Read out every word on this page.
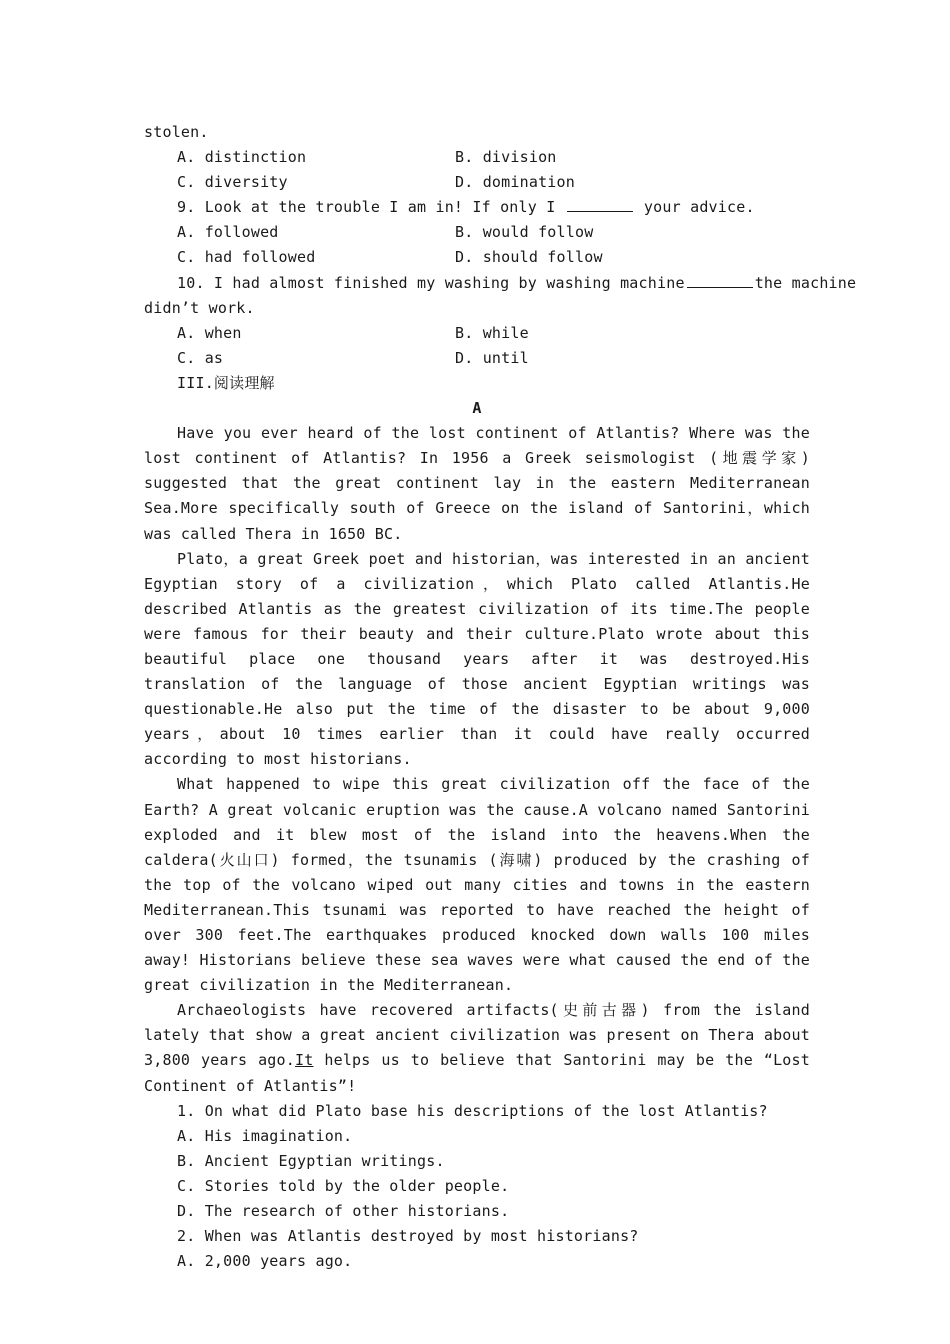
stolen.
A. distinction	B. division
C. diversity	D. domination
9. Look at the trouble I am in! If only I	your advice.
A. followed	B. would follow
C. had followed	D. should follow
10. I had almost finished my washing by washing machine	the machine
didn’t work.
A. when	B. while
C. as	D. until
III.阅读理解
A
Have you ever heard of the lost continent of Atlantis? Where was the lost continent of Atlantis? In 1956 a Greek seismologist (地震学家) suggested that the great continent lay in the eastern Mediterranean Sea.More specifically south of Greece on the island of Santorini，which was called Thera in 1650 BC.
Plato，a great Greek poet and historian，was interested in an ancient Egyptian story of a civilization，which Plato called Atlantis.He described Atlantis as the greatest civilization of its time.The people were famous for their beauty and their culture.Plato wrote about this beautiful place one thousand years after it was destroyed.His translation of the language of those ancient Egyptian writings was questionable.He also put the time of the disaster to be about 9,000 years，about 10 times earlier than it could have really occurred according to most historians.
What happened to wipe this great civilization off the face of the Earth? A great volcanic eruption was the cause.A volcano named Santorini exploded and it blew most of the island into the heavens.When the caldera(火山口) formed，the tsunamis (海啸) produced by the crashing of the top of the volcano wiped out many cities and towns in the eastern Mediterranean.This tsunami was reported to have reached the height of over 300 feet.The earthquakes produced knocked down walls 100 miles away! Historians believe these sea waves were what caused the end of the great civilization in the Mediterranean.
Archaeologists have recovered artifacts(史前古器) from the island lately that show a great ancient civilization was present on Thera about 3,800 years ago.It helps us to believe that Santorini may be the “Lost Continent of Atlantis”!
1. On what did Plato base his descriptions of the lost Atlantis?
A. His imagination.
B. Ancient Egyptian writings.
C. Stories told by the older people.
D. The research of other historians.
2. When was Atlantis destroyed by most historians?
A. 2,000 years ago.
